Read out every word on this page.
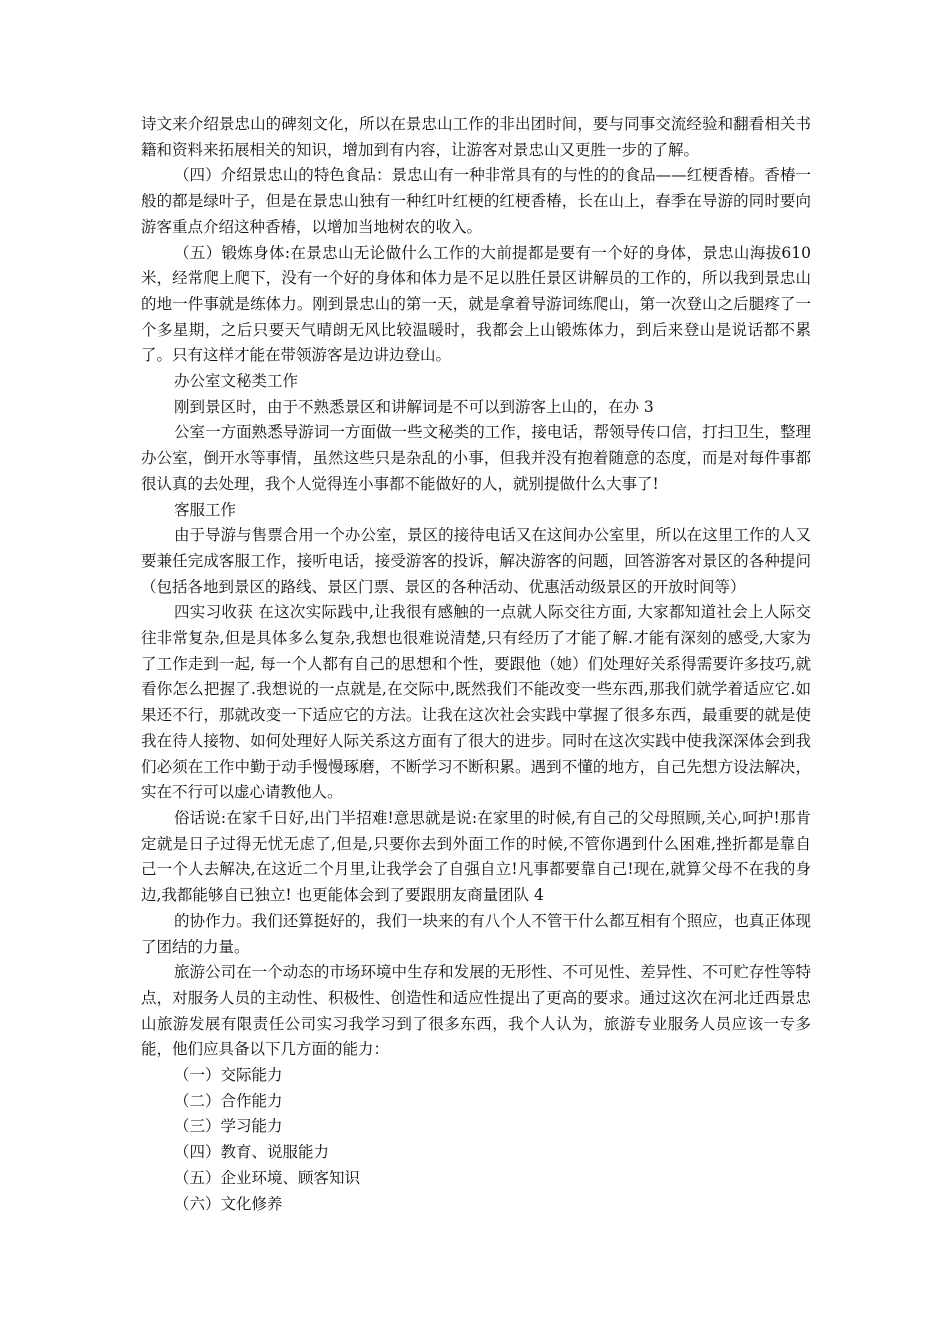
诗文来介绍景忠山的碑刻文化，所以在景忠山工作的非出团时间，要与同事交流经验和翻看相关书籍和资料来拓展相关的知识，增加到有内容，让游客对景忠山又更胜一步的了解。

（四）介绍景忠山的特色食品：景忠山有一种非常具有的与性的的食品——红梗香椿。香椿一般的都是绿叶子，但是在景忠山独有一种红叶红梗的红梗香椿，长在山上，春季在导游的同时要向游客重点介绍这种香椿，以增加当地树农的收入。

（五）锻炼身体:在景忠山无论做什么工作的大前提都是要有一个好的身体，景忠山海拔610米，经常爬上爬下，没有一个好的身体和体力是不足以胜任景区讲解员的工作的，所以我到景忠山的地一件事就是练体力。刚到景忠山的第一天，就是拿着导游词练爬山，第一次登山之后腿疼了一个多星期，之后只要天气晴朗无风比较温暖时，我都会上山锻炼体力，到后来登山是说话都不累了。只有这样才能在带领游客是边讲边登山。

办公室文秘类工作

刚到景区时，由于不熟悉景区和讲解词是不可以到游客上山的，在办 3

公室一方面熟悉导游词一方面做一些文秘类的工作，接电话，帮领导传口信，打扫卫生，整理办公室，倒开水等事情，虽然这些只是杂乱的小事，但我并没有抱着随意的态度，而是对每件事都很认真的去处理，我个人觉得连小事都不能做好的人，就别提做什么大事了!

客服工作

由于导游与售票合用一个办公室，景区的接待电话又在这间办公室里，所以在这里工作的人又要兼任完成客服工作，接听电话，接受游客的投诉，解决游客的问题，回答游客对景区的各种提问（包括各地到景区的路线、景区门票、景区的各种活动、优惠活动级景区的开放时间等）

四实习收获 在这次实际践中,让我很有感触的一点就人际交往方面, 大家都知道社会上人际交往非常复杂,但是具体多么复杂,我想也很难说清楚,只有经历了才能了解.才能有深刻的感受,大家为了工作走到一起, 每一个人都有自己的思想和个性，要跟他（她）们处理好关系得需要许多技巧,就看你怎么把握了.我想说的一点就是,在交际中,既然我们不能改变一些东西,那我们就学着适应它.如果还不行，那就改变一下适应它的方法。让我在这次社会实践中掌握了很多东西，最重要的就是使我在待人接物、如何处理好人际关系这方面有了很大的进步。同时在这次实践中使我深深体会到我们必须在工作中勤于动手慢慢琢磨，不断学习不断积累。遇到不懂的地方，自己先想方设法解决，实在不行可以虚心请教他人。

俗话说:在家千日好,出门半招难!意思就是说:在家里的时候,有自己的父母照顾,关心,呵护!那肯定就是日子过得无忧无虑了,但是,只要你去到外面工作的时候,不管你遇到什么困难,挫折都是靠自己一个人去解决,在这近二个月里,让我学会了自强自立!凡事都要靠自己!现在,就算父母不在我的身边,我都能够自已独立! 也更能体会到了要跟朋友商量团队 4

的协作力。我们还算挺好的，我们一块来的有八个人不管干什么都互相有个照应，也真正体现了团结的力量。

旅游公司在一个动态的市场环境中生存和发展的无形性、不可见性、差异性、不可贮存性等特点，对服务人员的主动性、积极性、创造性和适应性提出了更高的要求。通过这次在河北迁西景忠山旅游发展有限责任公司实习我学习到了很多东西，我个人认为，旅游专业服务人员应该一专多能，他们应具备以下几方面的能力：

（一）交际能力
（二）合作能力
（三）学习能力
（四）教育、说服能力
（五）企业环境、顾客知识
（六）文化修养
